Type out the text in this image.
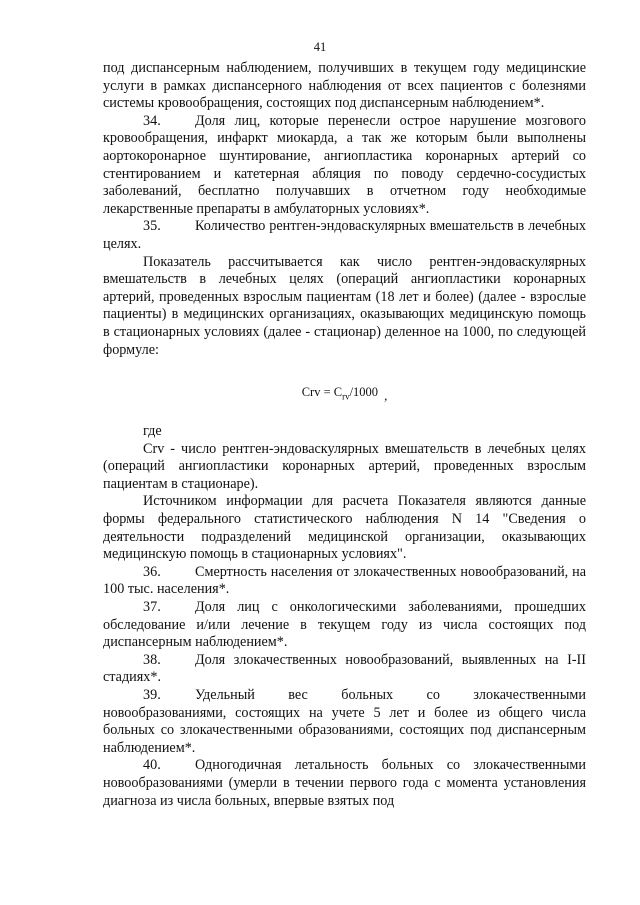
41

под диспансерным наблюдением, получивших в текущем году медицинские услуги в рамках диспансерного наблюдения от всех пациентов с болезнями системы кровообращения, состоящих под диспансерным наблюдением*.

34. Доля лиц, которые перенесли острое нарушение мозгового кровообращения, инфаркт миокарда, а так же которым были выполнены аортокоронарное шунтирование, ангиопластика коронарных артерий со стентированием и катетерная абляция по поводу сердечно-сосудистых заболеваний, бесплатно получавших в отчетном году необходимые лекарственные препараты в амбулаторных условиях*.

35. Количество рентген-эндоваскулярных вмешательств в лечебных целях.

Показатель рассчитывается как число рентген-эндоваскулярных вмешательств в лечебных целях (операций ангиопластики коронарных артерий, проведенных взрослым пациентам (18 лет и более) (далее - взрослые пациенты) в медицинских организациях, оказывающих медицинскую помощь в стационарных условиях (далее - стационар) деленное на 1000, по следующей формуле:

Crv = $C_{rv}/1000$ ,

где

Crv - число рентген-эндоваскулярных вмешательств в лечебных целях (операций ангиопластики коронарных артерий, проведенных взрослым пациентам в стационаре).

Источником информации для расчета Показателя являются данные формы федерального статистического наблюдения N 14 "Сведения о деятельности подразделений медицинской организации, оказывающих медицинскую помощь в стационарных условиях".

36. Смертность населения от злокачественных новообразований, на 100 тыс. населения*.

37. Доля лиц с онкологическими заболеваниями, прошедших обследование и/или лечение в текущем году из числа состоящих под диспансерным наблюдением*.

38. Доля злокачественных новообразований, выявленных на I-II стадиях*.

39. Удельный вес больных со злокачественными новообразованиями, состоящих на учете 5 лет и более из общего числа больных со злокачественными образованиями, состоящих под диспансерным наблюдением*.

40. Одногодичная летальность больных со злокачественными новообразованиями (умерли в течении первого года с момента установления диагноза из числа больных, впервые взятых под
